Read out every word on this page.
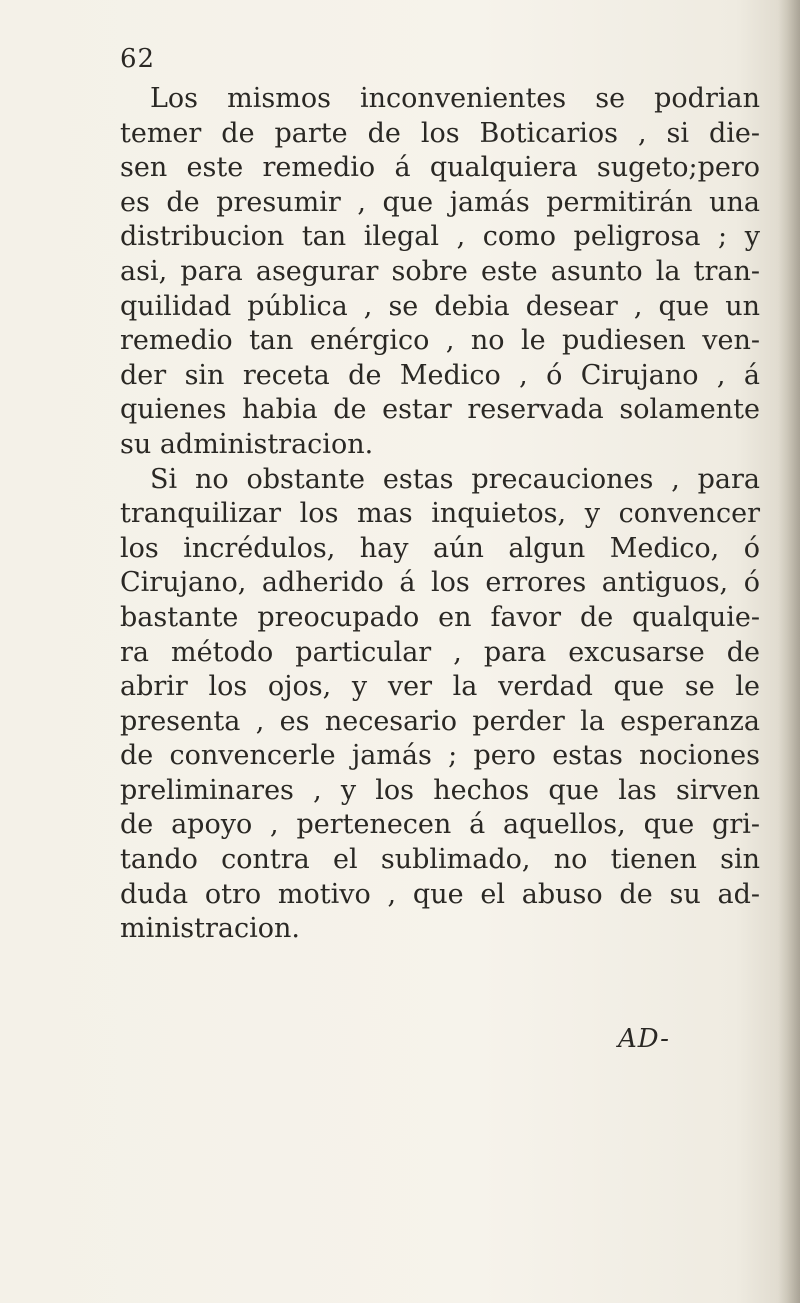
62
Los mismos inconvenientes se podrian
temer de parte de los Boticarios , si die-
sen este remedio á qualquiera sugeto;pero
es de presumir , que jamás permitirán una
distribucion tan ilegal , como peligrosa ; y
asi, para asegurar sobre este asunto la tran-
quilidad pública , se debia desear , que un
remedio tan enérgico , no le pudiesen ven-
der sin receta de Medico , ó Cirujano , á
quienes habia de estar reservada solamente
su administracion.
Si no obstante estas precauciones , para
tranquilizar los mas inquietos, y convencer
los incrédulos, hay aún algun Medico, ó
Cirujano, adherido á los errores antiguos, ó
bastante preocupado en favor de qualquie-
ra método particular , para excusarse de
abrir los ojos, y ver la verdad que se le
presenta , es necesario perder la esperanza
de convencerle jamás ; pero estas nociones
preliminares , y los hechos que las sirven
de apoyo , pertenecen á aquellos, que gri-
tando contra el sublimado, no tienen sin
duda otro motivo , que el abuso de su ad-
ministracion.
AD-
